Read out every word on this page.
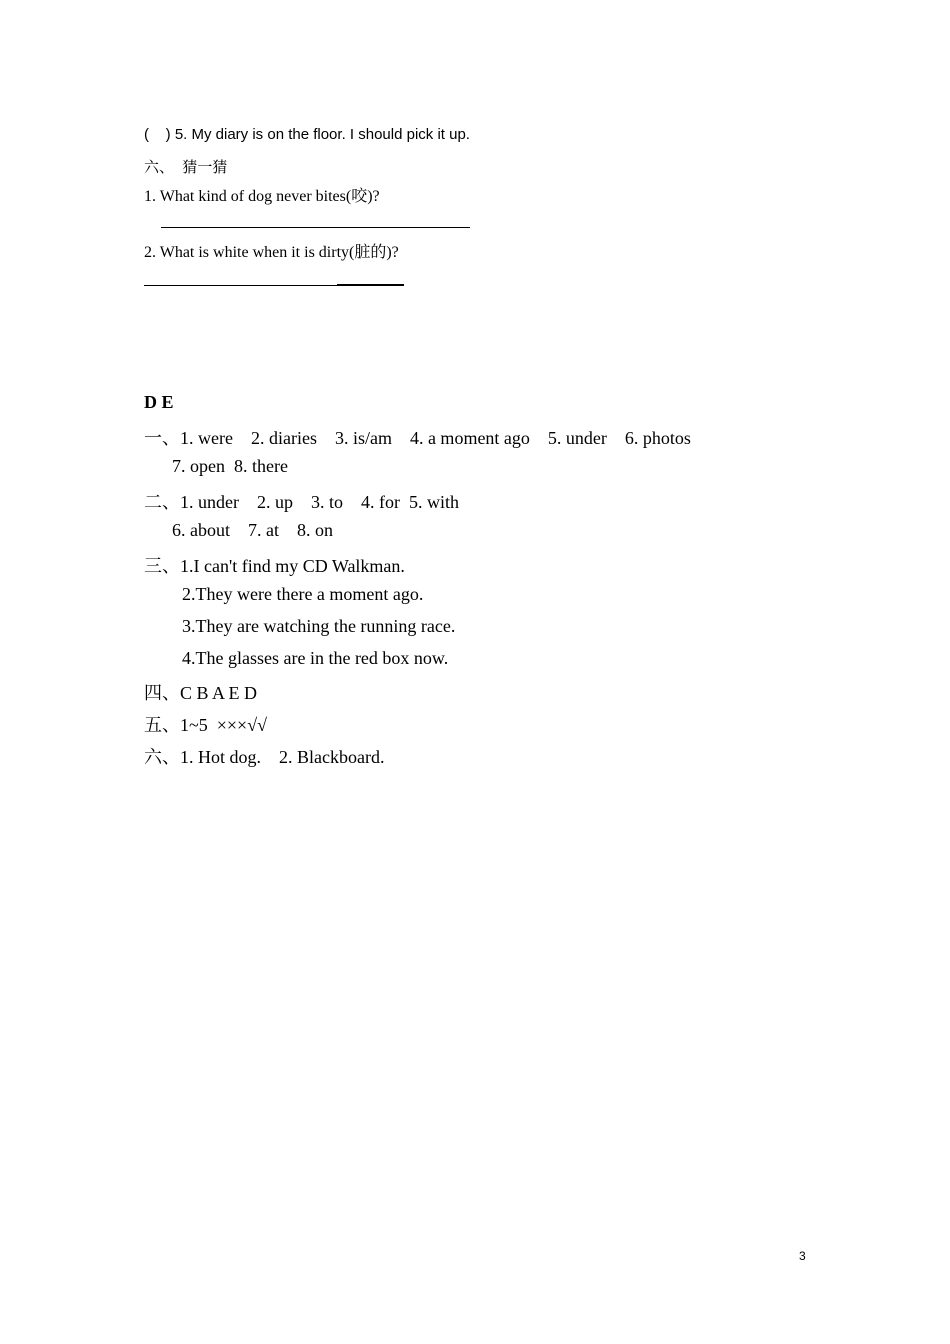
(    ) 5. My diary is on the floor. I should pick it up.
六、  猜一猜
1. What kind of dog never bites(咬)?
2. What is white when it is dirty(脏的)?
D E
一、1. were    2. diaries    3. is/am    4. a moment ago    5. under    6. photos
7. open  8. there
二、1. under    2. up    3. to    4. for  5. with
6. about    7. at    8. on
三、1.I can't find my CD Walkman.
2.They were there a moment ago.
3.They are watching the running race.
4.The glasses are in the red box now.
四、C B A E D
五、1~5  ×××√√
六、1. Hot dog.    2. Blackboard.
3
